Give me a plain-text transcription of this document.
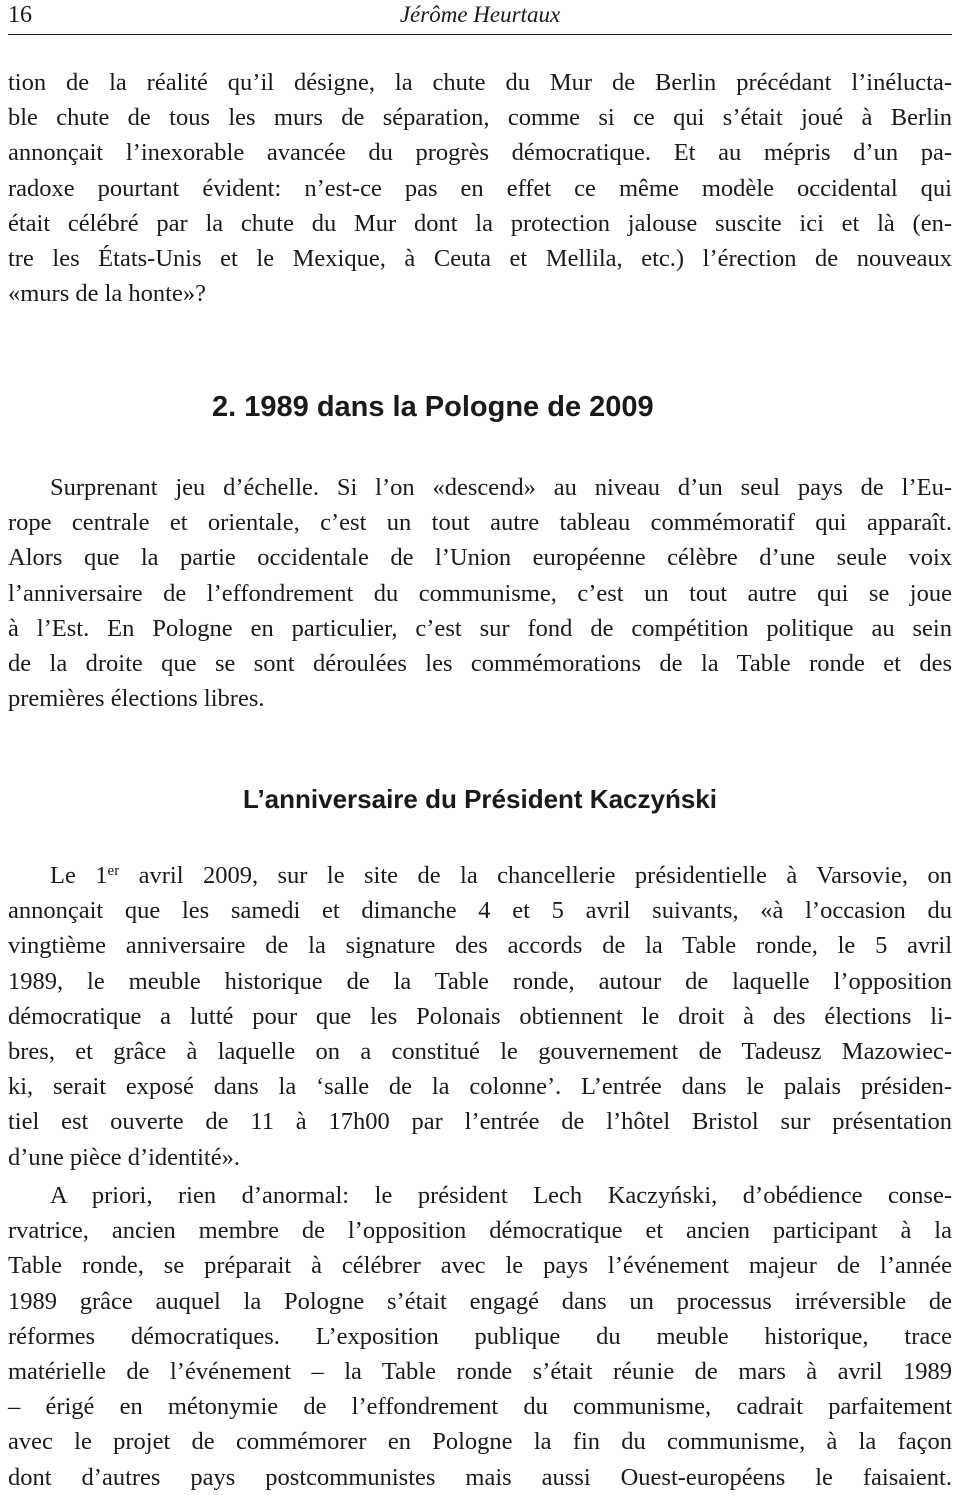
16	Jérôme Heurtaux
tion de la réalité qu’il désigne, la chute du Mur de Berlin précédant l’inélucta-
ble chute de tous les murs de séparation, comme si ce qui s’était joué à Berlin
annonçait l’inexorable avancée du progrès démocratique. Et au mépris d’un pa-
radoxe pourtant évident: n’est-ce pas en effet ce même modèle occidental qui
était célébré par la chute du Mur dont la protection jalouse suscite ici et là (en-
tre les États-Unis et le Mexique, à Ceuta et Mellila, etc.) l’érection de nouveaux
«murs de la honte»?
2. 1989 dans la Pologne de 2009
Surprenant jeu d’échelle. Si l’on «descend» au niveau d’un seul pays de l’Eu-
rope centrale et orientale, c’est un tout autre tableau commémoratif qui apparaît.
Alors que la partie occidentale de l’Union européenne célèbre d’une seule voix
l’anniversaire de l’effondrement du communisme, c’est un tout autre qui se joue
à l’Est. En Pologne en particulier, c’est sur fond de compétition politique au sein
de la droite que se sont déroulées les commémorations de la Table ronde et des
premières élections libres.
L’anniversaire du Président Kaczyński
Le 1er avril 2009, sur le site de la chancellerie présidentielle à Varsovie, on
annonçait que les samedi et dimanche 4 et 5 avril suivants, «à l’occasion du
vingtième anniversaire de la signature des accords de la Table ronde, le 5 avril
1989, le meuble historique de la Table ronde, autour de laquelle l’opposition
démocratique a lutté pour que les Polonais obtiennent le droit à des élections li-
bres, et grâce à laquelle on a constitué le gouvernement de Tadeusz Mazowiec-
ki, serait exposé dans la ‘salle de la colonne’. L’entrée dans le palais présiden-
tiel est ouverte de 11 à 17h00 par l’entrée de l’hôtel Bristol sur présentation
d’une pièce d’identité».
A priori, rien d’anormal: le président Lech Kaczyński, d’obédience conse-
rvatrice, ancien membre de l’opposition démocratique et ancien participant à la
Table ronde, se préparait à célébrer avec le pays l’événement majeur de l’année
1989 grâce auquel la Pologne s’était engagé dans un processus irréversible de
réformes démocratiques. L’exposition publique du meuble historique, trace
matérielle de l’événement – la Table ronde s’était réunie de mars à avril 1989
– érigé en métonymie de l’effondrement du communisme, cadrait parfaitement
avec le projet de commémorer en Pologne la fin du communisme, à la façon
dont d’autres pays postcommunistes mais aussi Ouest-européens le faisaient.
